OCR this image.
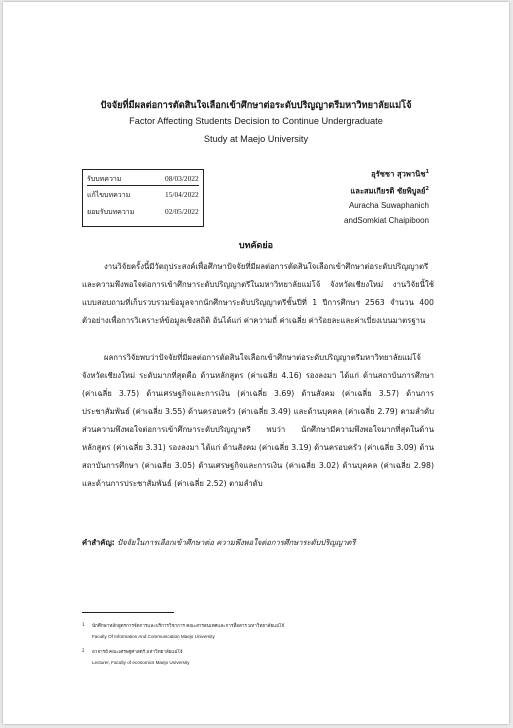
ปัจจัยที่มีผลต่อการตัดสินใจเลือกเข้าศึกษาต่อระดับปริญญาตรีมหาวิทยาลัยแม่โจ้
Factor Affecting Students Decision to Continue Undergraduate
Study at Maejo University
รับบทความ	08/03/2022
แก้ไขบทความ	15/04/2022
ยอมรับบทความ	02/05/2022
อุรัชชา สุวพานิช$^1$
และสมเกียรติ ชัยพิบูลย์$^2$
Auracha Suwaphanich
andSomkiat Chaipiboon
บทคัดย่อ

งานวิจัยครั้งนี้มีวัตถุประสงค์เพื่อศึกษาปัจจัยที่มีผลต่อการตัดสินใจเลือกเข้าศึกษาต่อระดับปริญญาตรี และความพึงพอใจต่อการเข้าศึกษาระดับปริญญาตรีในมหาวิทยาลัยแม่โจ้ จังหวัดเชียงใหม่ งานวิจัยนี้ใช้แบบสอบถามที่เก็บรวบรวมข้อมูลจากนักศึกษาระดับปริญญาตรีชั้นปีที่ 1 ปีการศึกษา 2563 จำนวน 400 ตัวอย่างเพื่อการวิเคราะห์ข้อมูลเชิงสถิติ อันได้แก่ ค่าความถี่ ค่าเฉลี่ย ค่าร้อยละและค่าเบี่ยงเบนมาตรฐาน

ผลการวิจัยพบว่าปัจจัยที่มีผลต่อการตัดสินใจเลือกเข้าศึกษาต่อระดับปริญญาตรีมหาวิทยาลัยแม่โจ้ จังหวัดเชียงใหม่ ระดับมากที่สุดคือ ด้านหลักสูตร (ค่าเฉลี่ย 4.16) รองลงมา ได้แก่ ด้านสถาบันการศึกษา (ค่าเฉลี่ย 3.75) ด้านเศรษฐกิจและการเงิน (ค่าเฉลี่ย 3.69) ด้านสังคม (ค่าเฉลี่ย 3.57) ด้านการประชาสัมพันธ์ (ค่าเฉลี่ย 3.55) ด้านครอบครัว (ค่าเฉลี่ย 3.49) และด้านบุคคล (ค่าเฉลี่ย 2.79) ตามลำดับ ส่วนความพึงพอใจต่อการเข้าศึกษาระดับปริญญาตรี พบว่า นักศึกษามีความพึงพอใจมากที่สุดในด้านหลักสูตร (ค่าเฉลี่ย 3.31) รองลงมา ได้แก่ ด้านสังคม (ค่าเฉลี่ย 3.19) ด้านครอบครัว (ค่าเฉลี่ย 3.09) ด้านสถาบันการศึกษา (ค่าเฉลี่ย 3.05) ด้านเศรษฐกิจและการเงิน (ค่าเฉลี่ย 3.02) ด้านบุคคล (ค่าเฉลี่ย 2.98) และด้านการประชาสัมพันธ์ (ค่าเฉลี่ย 2.52) ตามลำดับ

คำสำคัญ: ปัจจัยในการเลือกเข้าศึกษาต่อ ความพึงพอใจต่อการศึกษาระดับปริญญาตรี
1 นักศึกษาหลักสูตรการจัดการและบริการวิชาการ คณะสารสนเทศและการสื่อสาร มหาวิทยาลัยแม่โจ้
Faculty Of Information And Communication Maejo University
2 อาจารย์ คณะเศรษฐศาสตร์ มหาวิทยาลัยแม่โจ้
Lecturer, Faculty of economics Maejo University
